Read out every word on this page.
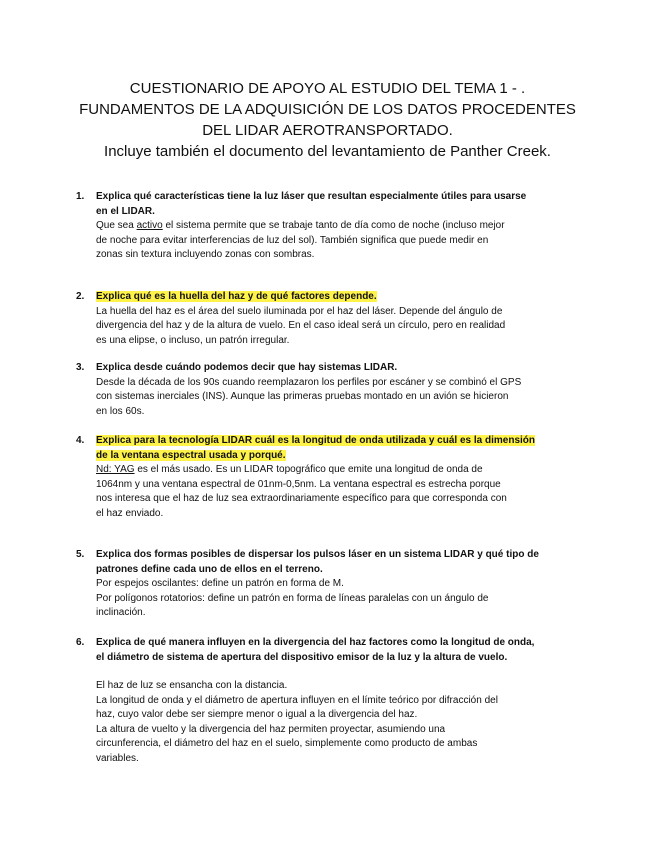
CUESTIONARIO DE APOYO AL ESTUDIO DEL TEMA 1 - .
FUNDAMENTOS DE LA ADQUISICIÓN DE LOS DATOS PROCEDENTES
DEL LIDAR AEROTRANSPORTADO.
Incluye también el documento del levantamiento de Panther Creek.
1. Explica qué características tiene la luz láser que resultan especialmente útiles para usarse
en el LIDAR.
Que sea activo el sistema permite que se trabaje tanto de día como de noche (incluso mejor
de noche para evitar interferencias de luz del sol). También significa que puede medir en
zonas sin textura incluyendo zonas con sombras.
2. Explica qué es la huella del haz y de qué factores depende.
La huella del haz es el área del suelo iluminada por el haz del láser. Depende del ángulo de
divergencia del haz y de la altura de vuelo. En el caso ideal será un círculo, pero en realidad
es una elipse, o incluso, un patrón irregular.
3. Explica desde cuándo podemos decir que hay sistemas LIDAR.
Desde la década de los 90s cuando reemplazaron los perfiles por escáner y se combinó el GPS
con sistemas inerciales (INS). Aunque las primeras pruebas montado en un avión se hicieron
en los 60s.
4. Explica para la tecnología LIDAR cuál es la longitud de onda utilizada y cuál es la dimensión
de la ventana espectral usada y porqué.
Nd: YAG es el más usado. Es un LIDAR topográfico que emite una longitud de onda de
1064nm y una ventana espectral de 01nm-0,5nm. La ventana espectral es estrecha porque
nos interesa que el haz de luz sea extraordinariamente específico para que corresponda con
el haz enviado.
5. Explica dos formas posibles de dispersar los pulsos láser en un sistema LIDAR y qué tipo de
patrones define cada uno de ellos en el terreno.
Por espejos oscilantes: define un patrón en forma de M.
Por polígonos rotatorios: define un patrón en forma de líneas paralelas con un ángulo de
inclinación.
6. Explica de qué manera influyen en la divergencia del haz factores como la longitud de onda,
el diámetro de sistema de apertura del dispositivo emisor de la luz y la altura de vuelo.
El haz de luz se ensancha con la distancia.
La longitud de onda y el diámetro de apertura influyen en el límite teórico por difracción del
haz, cuyo valor debe ser siempre menor o igual a la divergencia del haz.
La altura de vuelto y la divergencia del haz permiten proyectar, asumiendo una
circunferencia, el diámetro del haz en el suelo, simplemente como producto de ambas
variables.
